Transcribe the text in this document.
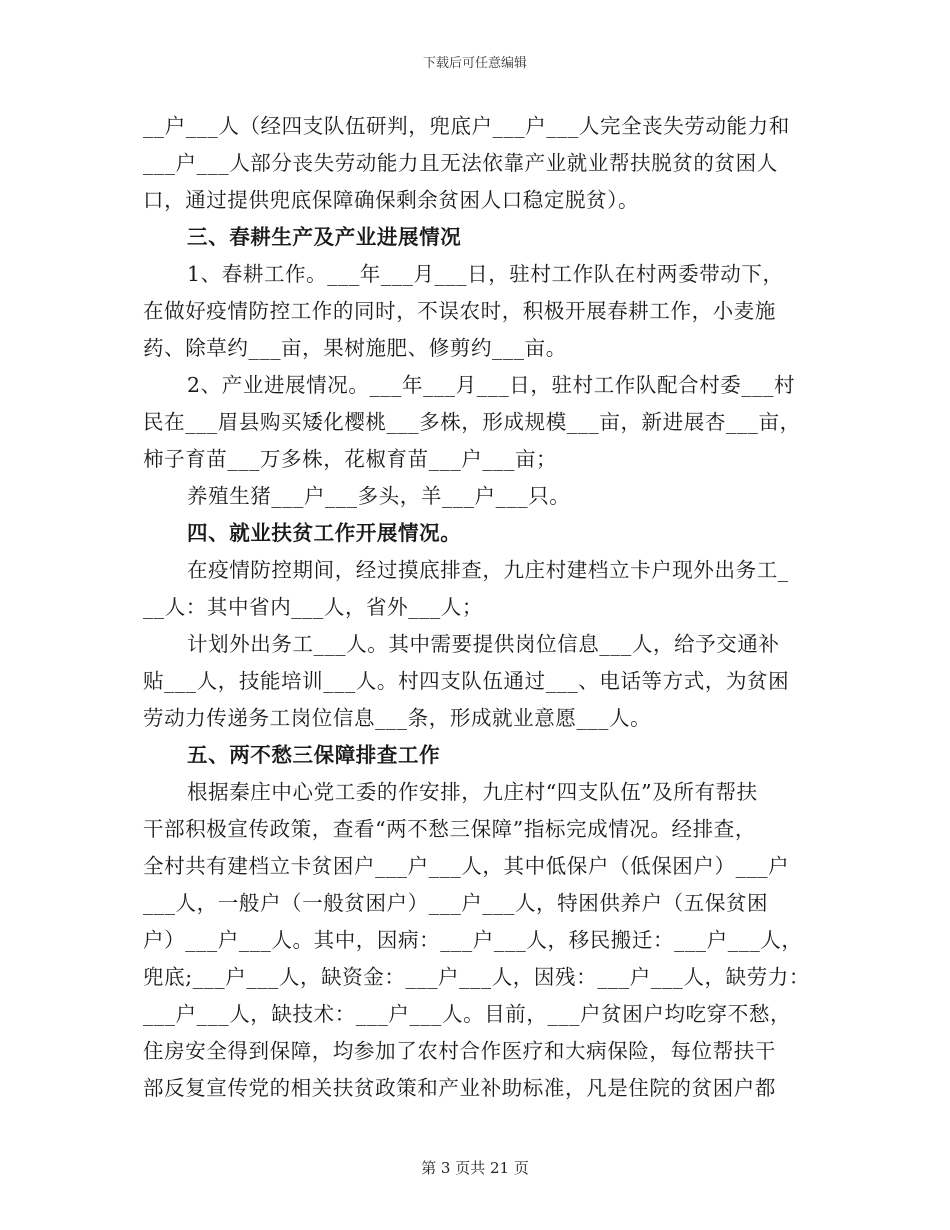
下载后可任意编辑
__户___人（经四支队伍研判，兜底户___户___人完全丧失劳动能力和
___户___人部分丧失劳动能力且无法依靠产业就业帮扶脱贫的贫困人
口，通过提供兜底保障确保剩余贫困人口稳定脱贫）。
三、春耕生产及产业进展情况
1、春耕工作。___年___月___日，驻村工作队在村两委带动下，
在做好疫情防控工作的同时，不误农时，积极开展春耕工作，小麦施
药、除草约___亩，果树施肥、修剪约___亩。
2、产业进展情况。___年___月___日，驻村工作队配合村委___村
民在___眉县购买矮化樱桃___多株，形成规模___亩，新进展杏___亩，
柿子育苗___万多株，花椒育苗___户___亩；
养殖生猪___户___多头，羊___户___只。
四、就业扶贫工作开展情况。
在疫情防控期间，经过摸底排查，九庄村建档立卡户现外出务工_
__人：其中省内___人，省外___人；
计划外出务工___人。其中需要提供岗位信息___人，给予交通补
贴___人，技能培训___人。村四支队伍通过___、电话等方式，为贫困
劳动力传递务工岗位信息___条，形成就业意愿___人。
五、两不愁三保障排查工作
根据秦庄中心党工委的作安排，九庄村“四支队伍”及所有帮扶
干部积极宣传政策，查看“两不愁三保障”指标完成情况。经排查，
全村共有建档立卡贫困户___户___人，其中低保户（低保困户）___户
___人，一般户（一般贫困户）___户___人，特困供养户（五保贫困
户）___户___人。其中，因病：___户___人，移民搬迁：___户___人，
兜底;___户___人，缺资金：___户___人，因残：___户___人，缺劳力：
___户___人，缺技术：___户___人。目前，___户贫困户均吃穿不愁，
住房安全得到保障，均参加了农村合作医疗和大病保险，每位帮扶干
部反复宣传党的相关扶贫政策和产业补助标准，凡是住院的贫困户都
第 3 页共 21 页
